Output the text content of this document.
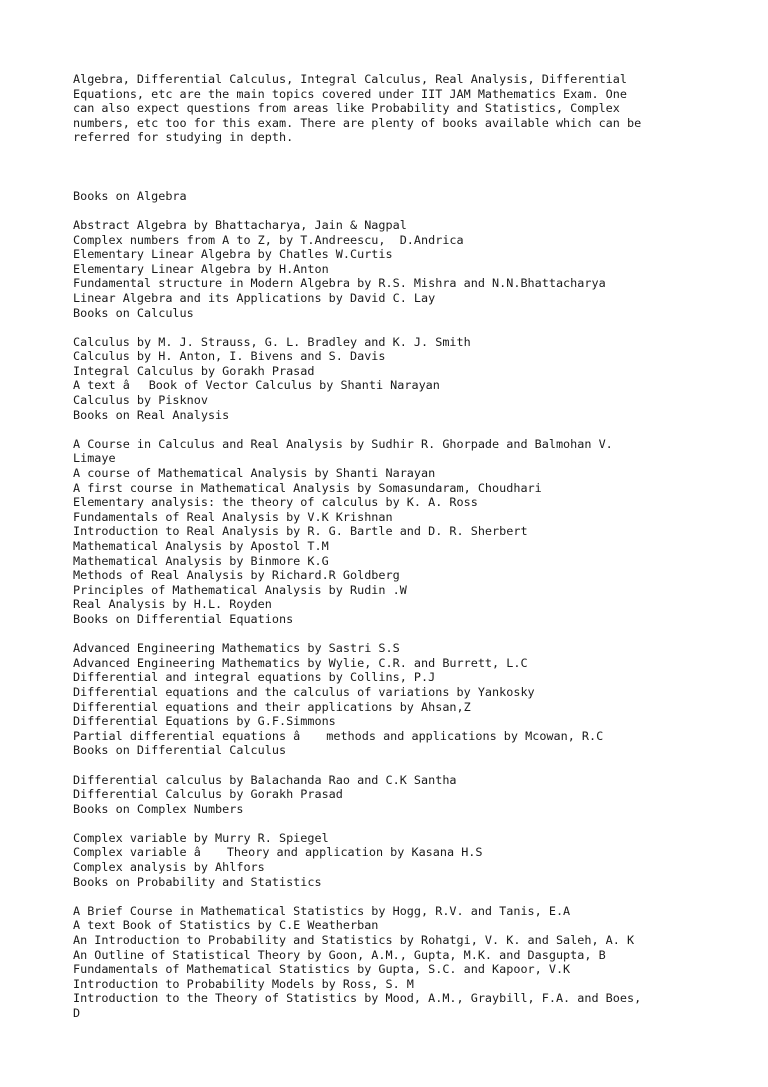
Algebra, Differential Calculus, Integral Calculus, Real Analysis, Differential
Equations, etc are the main topics covered under IIT JAM Mathematics Exam. One
can also expect questions from areas like Probability and Statistics, Complex
numbers, etc too for this exam. There are plenty of books available which can be
referred for studying in depth.
Books on Algebra
Abstract Algebra by Bhattacharya, Jain & Nagpal
Complex numbers from A to Z, by T.Andreescu,  D.Andrica
Elementary Linear Algebra by Chatles W.Curtis
Elementary Linear Algebra by H.Anton
Fundamental structure in Modern Algebra by R.S. Mishra and N.N.Bhattacharya
Linear Algebra and its Applications by David C. Lay
Books on Calculus
Calculus by M. J. Strauss, G. L. Bradley and K. J. Smith
Calculus by H. Anton, I. Bivens and S. Davis
Integral Calculus by Gorakh Prasad
A text âBook of Vector Calculus by Shanti Narayan
Calculus by Pisknov
Books on Real Analysis
A Course in Calculus and Real Analysis by Sudhir R. Ghorpade and Balmohan V.
Limaye
A course of Mathematical Analysis by Shanti Narayan
A first course in Mathematical Analysis by Somasundaram, Choudhari
Elementary analysis: the theory of calculus by K. A. Ross
Fundamentals of Real Analysis by V.K Krishnan
Introduction to Real Analysis by R. G. Bartle and D. R. Sherbert
Mathematical Analysis by Apostol T.M
Mathematical Analysis by Binmore K.G
Methods of Real Analysis by Richard.R Goldberg
Principles of Mathematical Analysis by Rudin .W
Real Analysis by H.L. Royden
Books on Differential Equations
Advanced Engineering Mathematics by Sastri S.S
Advanced Engineering Mathematics by Wylie, C.R. and Burrett, L.C
Differential and integral equations by Collins, P.J
Differential equations and the calculus of variations by Yankosky
Differential equations and their applications by Ahsan,Z
Differential Equations by G.F.Simmons
Partial differential equations â methods and applications by Mcowan, R.C
Books on Differential Calculus
Differential calculus by Balachanda Rao and C.K Santha
Differential Calculus by Gorakh Prasad
Books on Complex Numbers
Complex variable by Murry R. Spiegel
Complex variable â Theory and application by Kasana H.S
Complex analysis by Ahlfors
Books on Probability and Statistics
A Brief Course in Mathematical Statistics by Hogg, R.V. and Tanis, E.A
A text Book of Statistics by C.E Weatherban
An Introduction to Probability and Statistics by Rohatgi, V. K. and Saleh, A. K
An Outline of Statistical Theory by Goon, A.M., Gupta, M.K. and Dasgupta, B
Fundamentals of Mathematical Statistics by Gupta, S.C. and Kapoor, V.K
Introduction to Probability Models by Ross, S. M
Introduction to the Theory of Statistics by Mood, A.M., Graybill, F.A. and Boes,
D
